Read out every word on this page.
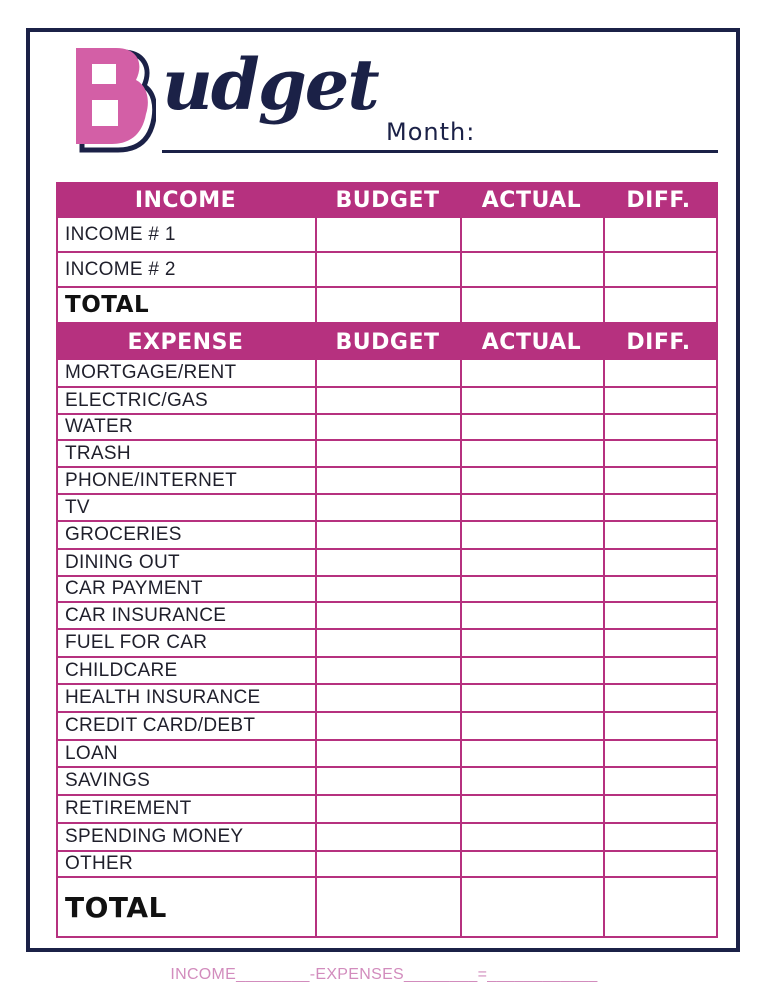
udget
Month:
INCOME	BUDGET	ACTUAL	DIFF.
INCOME # 1
INCOME # 2
TOTAL
EXPENSE	BUDGET	ACTUAL	DIFF.
MORTGAGE/RENT
ELECTRIC/GAS
WATER
TRASH
PHONE/INTERNET
TV
GROCERIES
DINING OUT
CAR PAYMENT
CAR INSURANCE
FUEL FOR CAR
CHILDCARE
HEALTH INSURANCE
CREDIT CARD/DEBT
LOAN
SAVINGS
RETIREMENT
SPENDING MONEY
OTHER
TOTAL
INCOME________-EXPENSES________=____________
